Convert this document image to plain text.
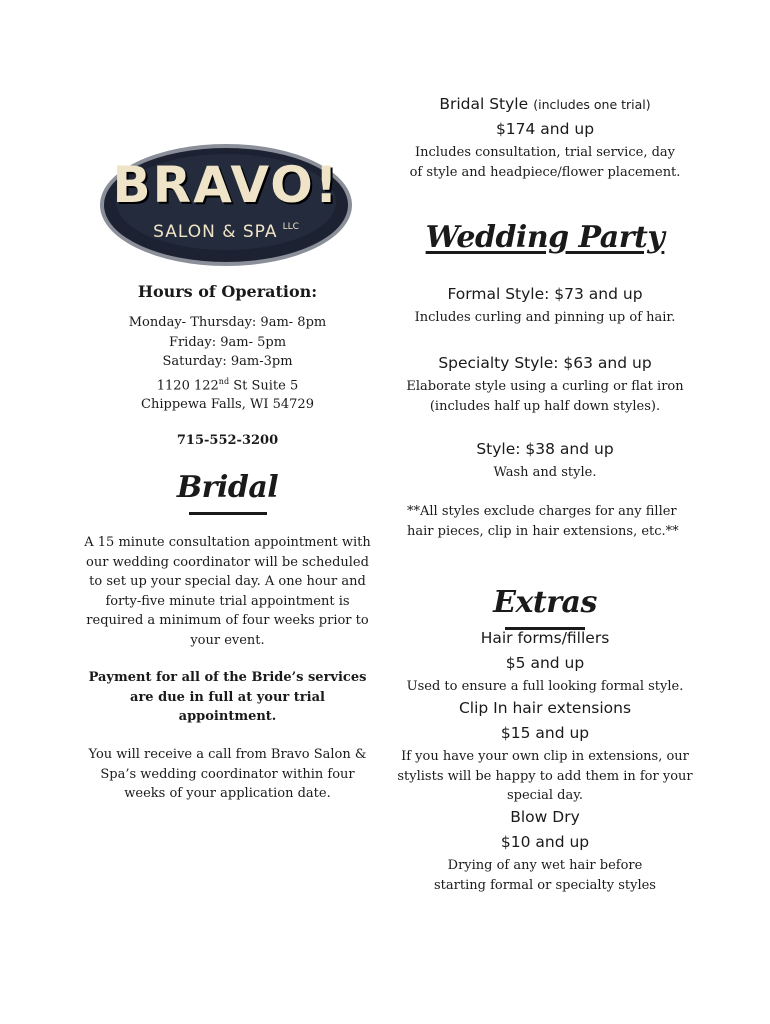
BRAVO!
SALON & SPA $^{LLC}$
Hours of Operation:
Monday- Thursday: 9am- 8pm
Friday: 9am- 5pm
Saturday: 9am-3pm
1120 122nd St Suite 5
Chippewa Falls, WI 54729
715-552-3200
Bridal
A 15 minute consultation appointment with our wedding coordinator will be scheduled to set up your special day. A one hour and forty-five minute trial appointment is required a minimum of four weeks prior to your event.
Payment for all of the Bride’s services are due in full at your trial appointment.
You will receive a call from Bravo Salon & Spa’s wedding coordinator within four weeks of your application date.
Bridal Style (includes one trial)
$174 and up
Includes consultation, trial service, day of style and headpiece/flower placement.
Wedding Party
Formal Style: $73 and up
Includes curling and pinning up of hair.
Specialty Style: $63 and up
Elaborate style using a curling or flat iron (includes half up half down styles).
Style: $38 and up
Wash and style.
**All styles exclude charges for any filler hair pieces, clip in hair extensions, etc.**
Extras
Hair forms/fillers
$5 and up
Used to ensure a full looking formal style.
Clip In hair extensions
$15 and up
If you have your own clip in extensions, our stylists will be happy to add them in for your special day.
Blow Dry
$10 and up
Drying of any wet hair before starting formal or specialty styles
